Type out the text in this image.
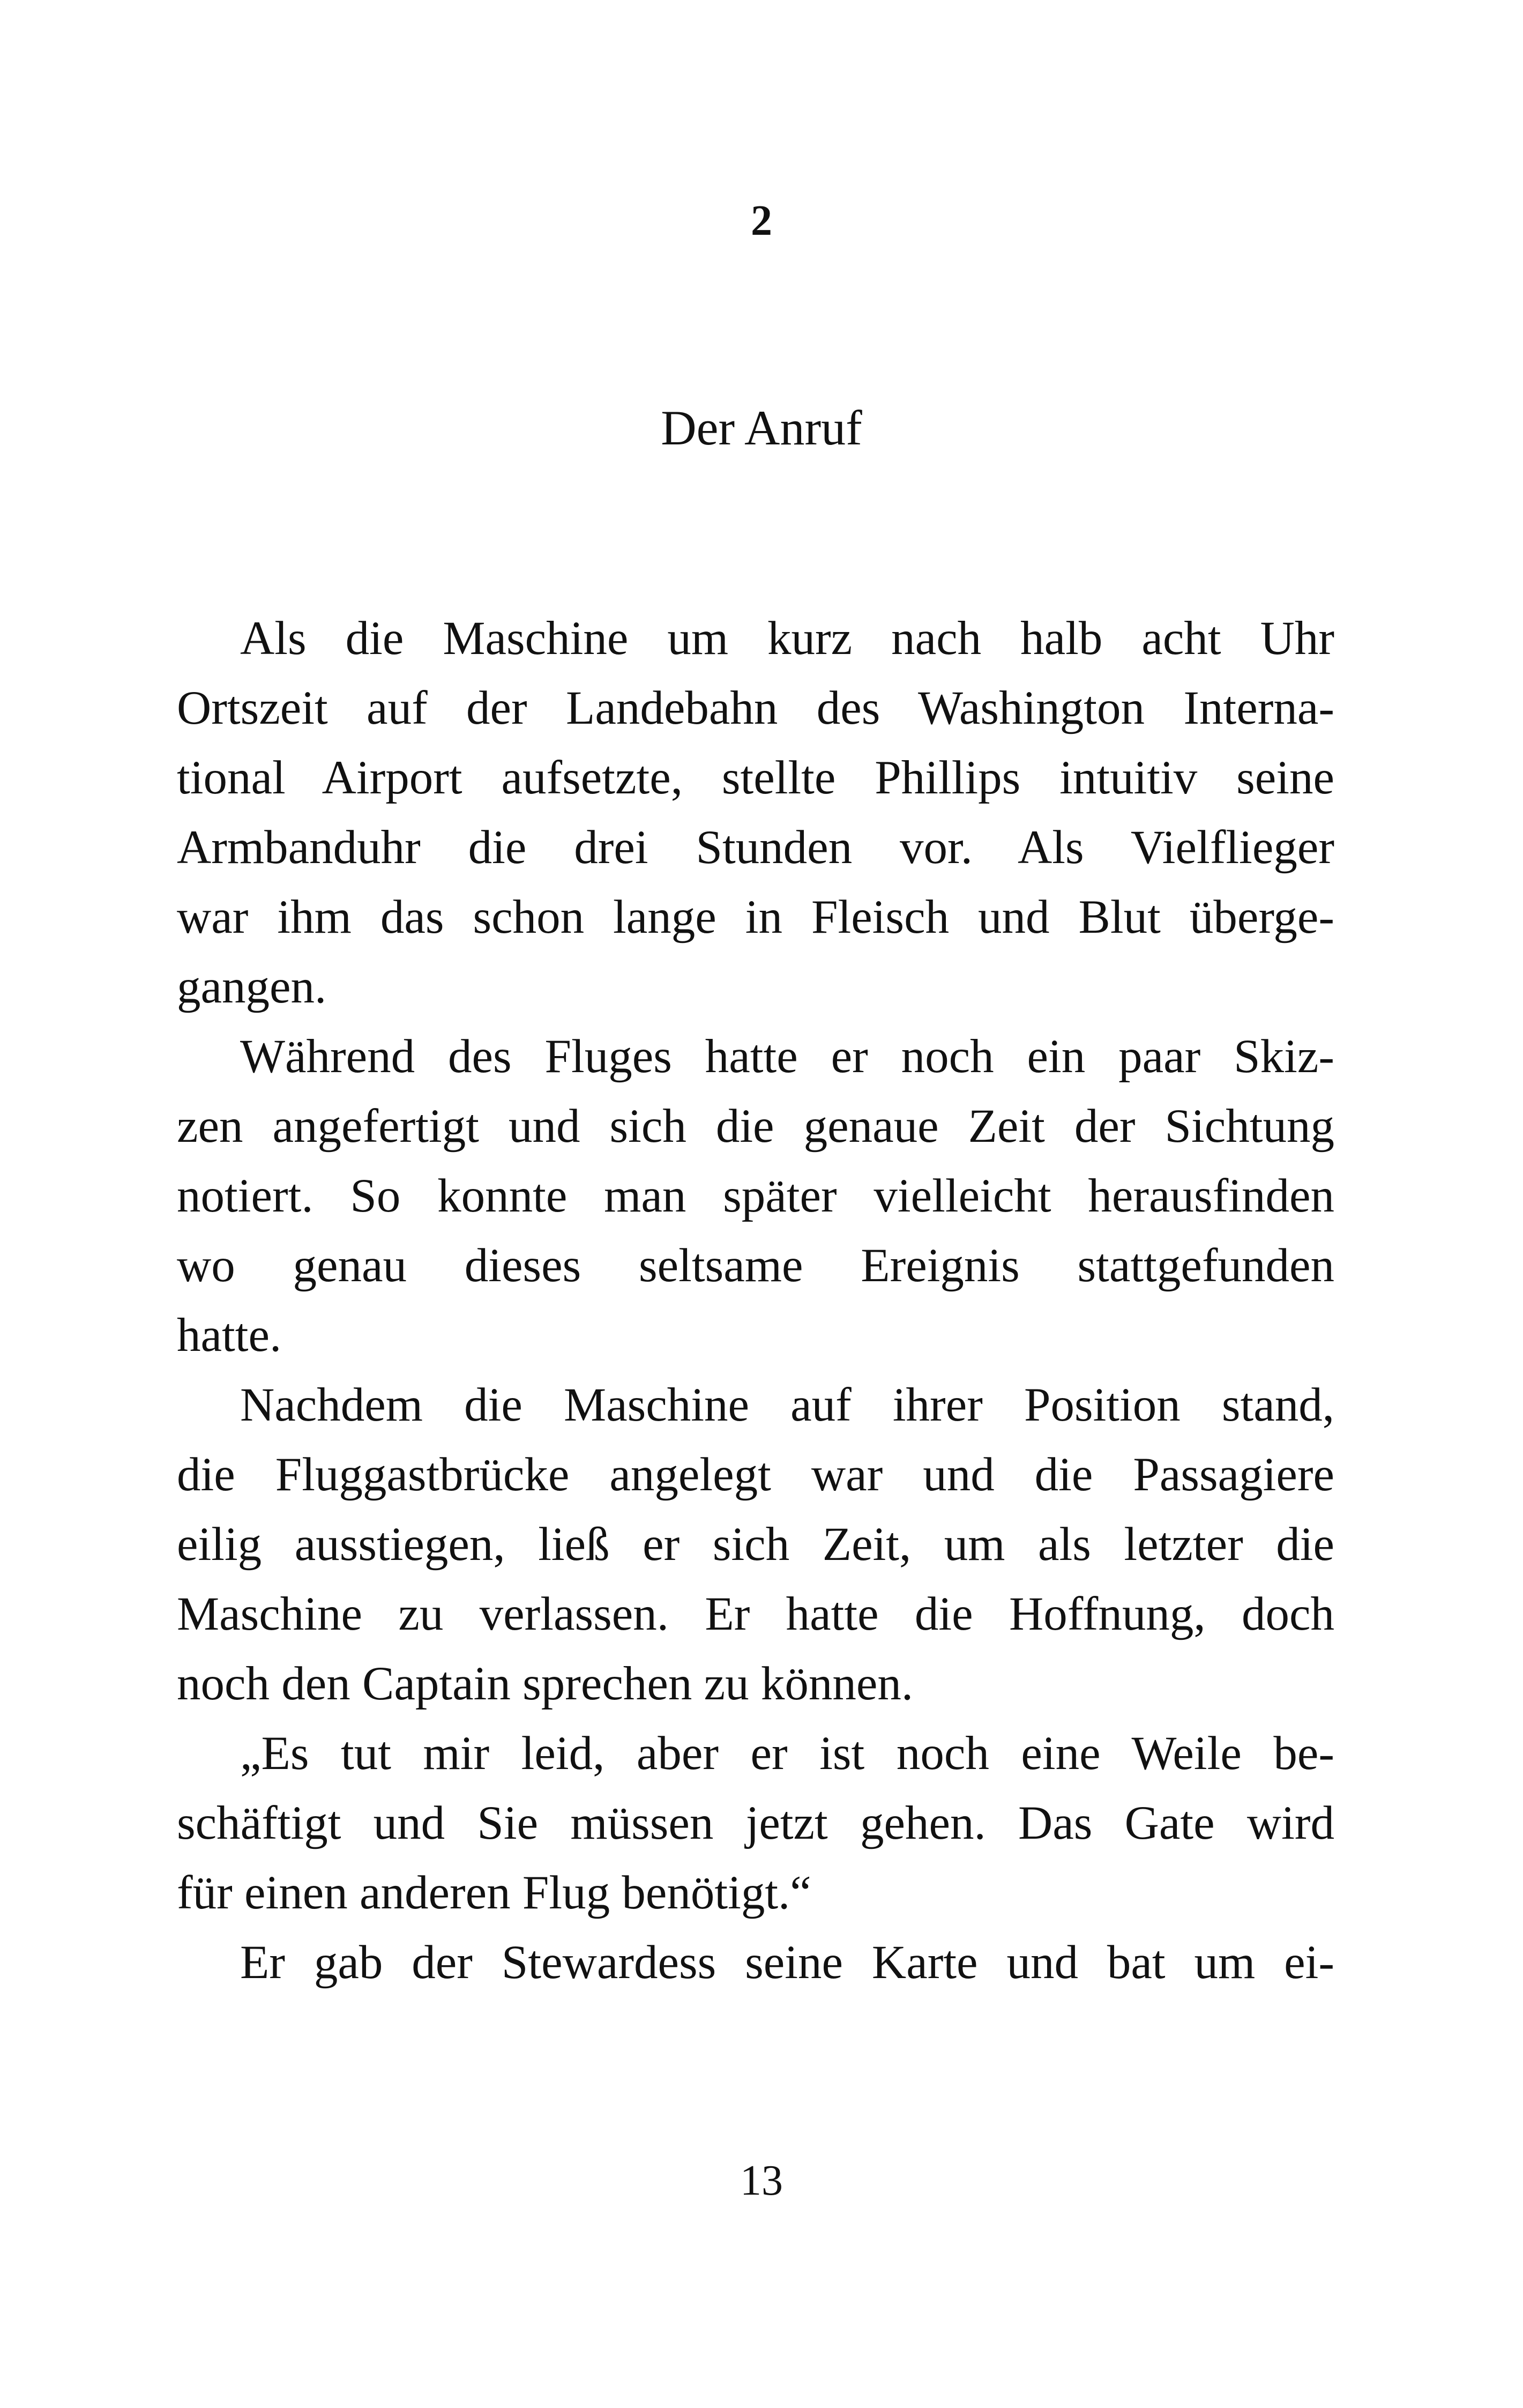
2
Der Anruf
Als die Maschine um kurz nach halb acht Uhr
Ortszeit auf der Landebahn des Washington Interna-
tional Airport aufsetzte, stellte Phillips intuitiv seine
Armbanduhr die drei Stunden vor. Als Vielflieger
war ihm das schon lange in Fleisch und Blut überge-
gangen.
Während des Fluges hatte er noch ein paar Skiz-
zen angefertigt und sich die genaue Zeit der Sichtung
notiert. So konnte man später vielleicht herausfinden
wo genau dieses seltsame Ereignis stattgefunden
hatte.
Nachdem die Maschine auf ihrer Position stand,
die Fluggastbrücke angelegt war und die Passagiere
eilig ausstiegen, ließ er sich Zeit, um als letzter die
Maschine zu verlassen. Er hatte die Hoffnung, doch
noch den Captain sprechen zu können.
„Es tut mir leid, aber er ist noch eine Weile be-
schäftigt und Sie müssen jetzt gehen. Das Gate wird
für einen anderen Flug benötigt.“
Er gab der Stewardess seine Karte und bat um ei-
13
